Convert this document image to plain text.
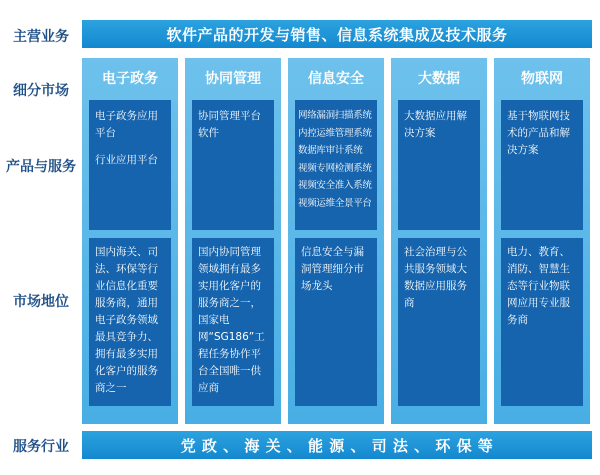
主营业务
细分市场
产品与服务
市场地位
服务行业
软件产品的开发与销售、信息系统集成及技术服务
电子政务

电子政务应用平台

行业应用平台

国内海关、司法、环保等行业信息化重要服务商，通用电子政务领域最具竞争力、拥有最多实用化客户的服务商之一

协同管理

协同管理平台软件

国内协同管理领域拥有最多实用化客户的服务商之一，国家电网“SG186”工程任务协作平台全国唯一供应商

信息安全

网络漏洞扫描系统

内控运维管理系统

数据库审计系统

视频专网检测系统

视频安全准入系统

视频运维全景平台

信息安全与漏洞管理细分市场龙头

大数据

大数据应用解决方案

社会治理与公共服务领域大数据应用服务商

物联网

基于物联网技术的产品和解决方案

电力、教育、消防、智慧生态等行业物联网应用专业服务商

党 政 、 海 关 、 能 源 、 司 法 、 环 保 等
